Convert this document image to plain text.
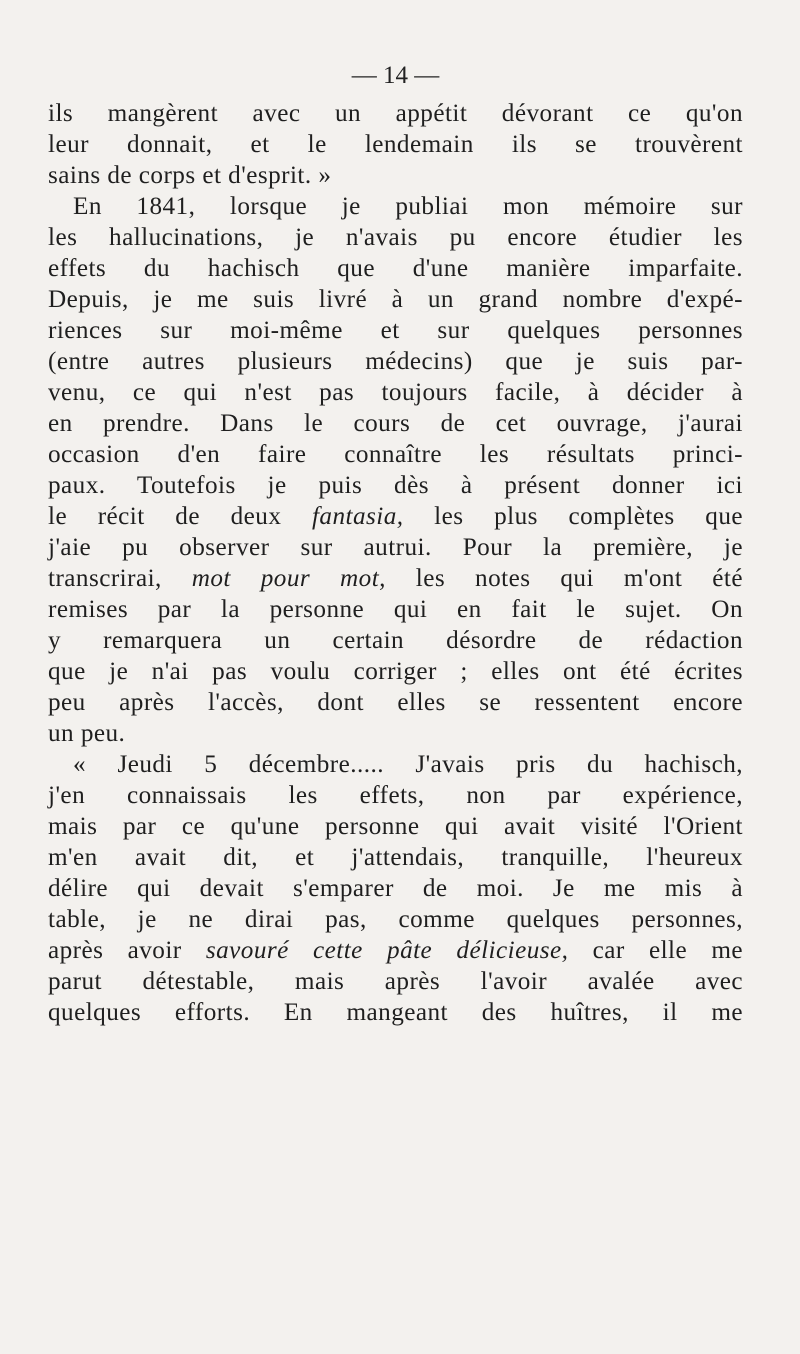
— 14 —
ils mangèrent avec un appétit dévorant ce qu'on
leur donnait, et le lendemain ils se trouvèrent
sains de corps et d'esprit. »
En 1841, lorsque je publiai mon mémoire sur
les hallucinations, je n'avais pu encore étudier les
effets du hachisch que d'une manière imparfaite.
Depuis, je me suis livré à un grand nombre d'expé-
riences sur moi-même et sur quelques personnes
(entre autres plusieurs médecins) que je suis par-
venu, ce qui n'est pas toujours facile, à décider à
en prendre. Dans le cours de cet ouvrage, j'aurai
occasion d'en faire connaître les résultats princi-
paux. Toutefois je puis dès à présent donner ici
le récit de deux fantasia, les plus complètes que
j'aie pu observer sur autrui. Pour la première, je
transcrirai, mot pour mot, les notes qui m'ont été
remises par la personne qui en fait le sujet. On
y remarquera un certain désordre de rédaction
que je n'ai pas voulu corriger ; elles ont été écrites
peu après l'accès, dont elles se ressentent encore
un peu.
« Jeudi 5 décembre..... J'avais pris du hachisch,
j'en connaissais les effets, non par expérience,
mais par ce qu'une personne qui avait visité l'Orient
m'en avait dit, et j'attendais, tranquille, l'heureux
délire qui devait s'emparer de moi. Je me mis à
table, je ne dirai pas, comme quelques personnes,
après avoir savouré cette pâte délicieuse, car elle me
parut détestable, mais après l'avoir avalée avec
quelques efforts. En mangeant des huîtres, il me
